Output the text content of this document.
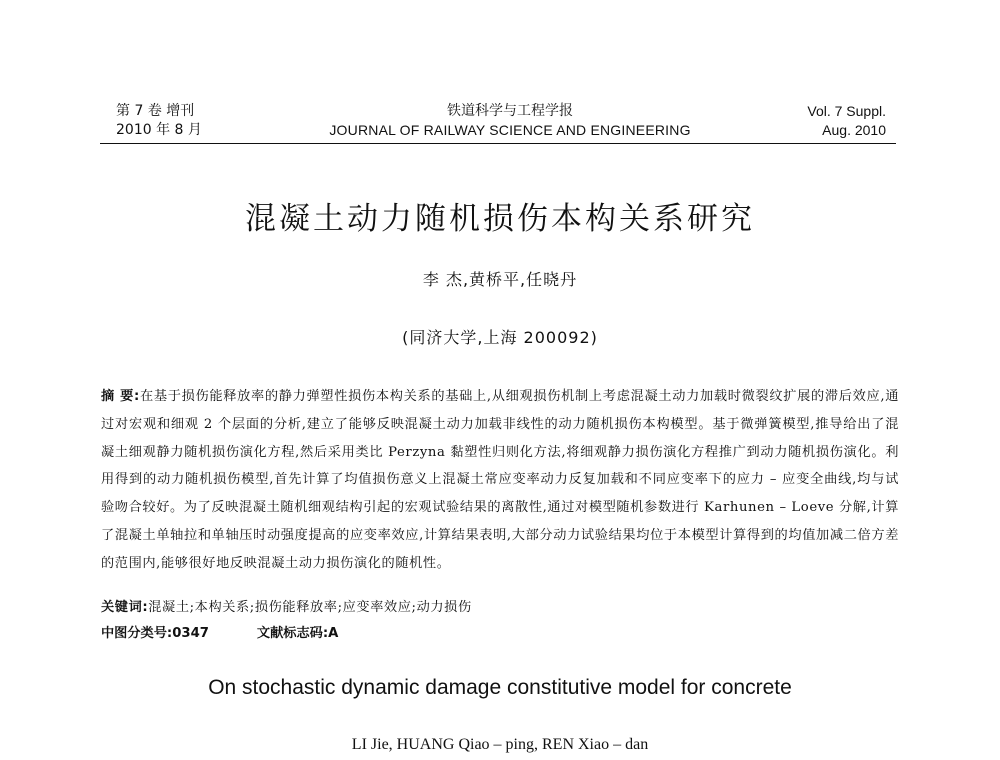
第 7 卷 增刊
2010 年 8 月
铁道科学与工程学报
JOURNAL OF RAILWAY SCIENCE AND ENGINEERING
Vol. 7 Suppl.
Aug. 2010
混凝土动力随机损伤本构关系研究
李 杰,黄桥平,任晓丹
(同济大学,上海 200092)
摘 要:在基于损伤能释放率的静力弹塑性损伤本构关系的基础上,从细观损伤机制上考虑混凝土动力加载时微裂纹扩展的滞后效应,通过对宏观和细观 2 个层面的分析,建立了能够反映混凝土动力加载非线性的动力随机损伤本构模型。基于微弹簧模型,推导给出了混凝土细观静力随机损伤演化方程,然后采用类比 Perzyna 黏塑性归则化方法,将细观静力损伤演化方程推广到动力随机损伤演化。利用得到的动力随机损伤模型,首先计算了均值损伤意义上混凝土常应变率动力反复加载和不同应变率下的应力 – 应变全曲线,均与试验吻合较好。为了反映混凝土随机细观结构引起的宏观试验结果的离散性,通过对模型随机参数进行 Karhunen – Loeve 分解,计算了混凝土单轴拉和单轴压时动强度提高的应变率效应,计算结果表明,大部分动力试验结果均位于本模型计算得到的均值加减二倍方差的范围内,能够很好地反映混凝土动力损伤演化的随机性。
关键词:混凝土;本构关系;损伤能释放率;应变率效应;动力损伤
中图分类号:0347	文献标志码:A
On stochastic dynamic damage constitutive model for concrete
LI Jie, HUANG Qiao – ping, REN Xiao – dan
